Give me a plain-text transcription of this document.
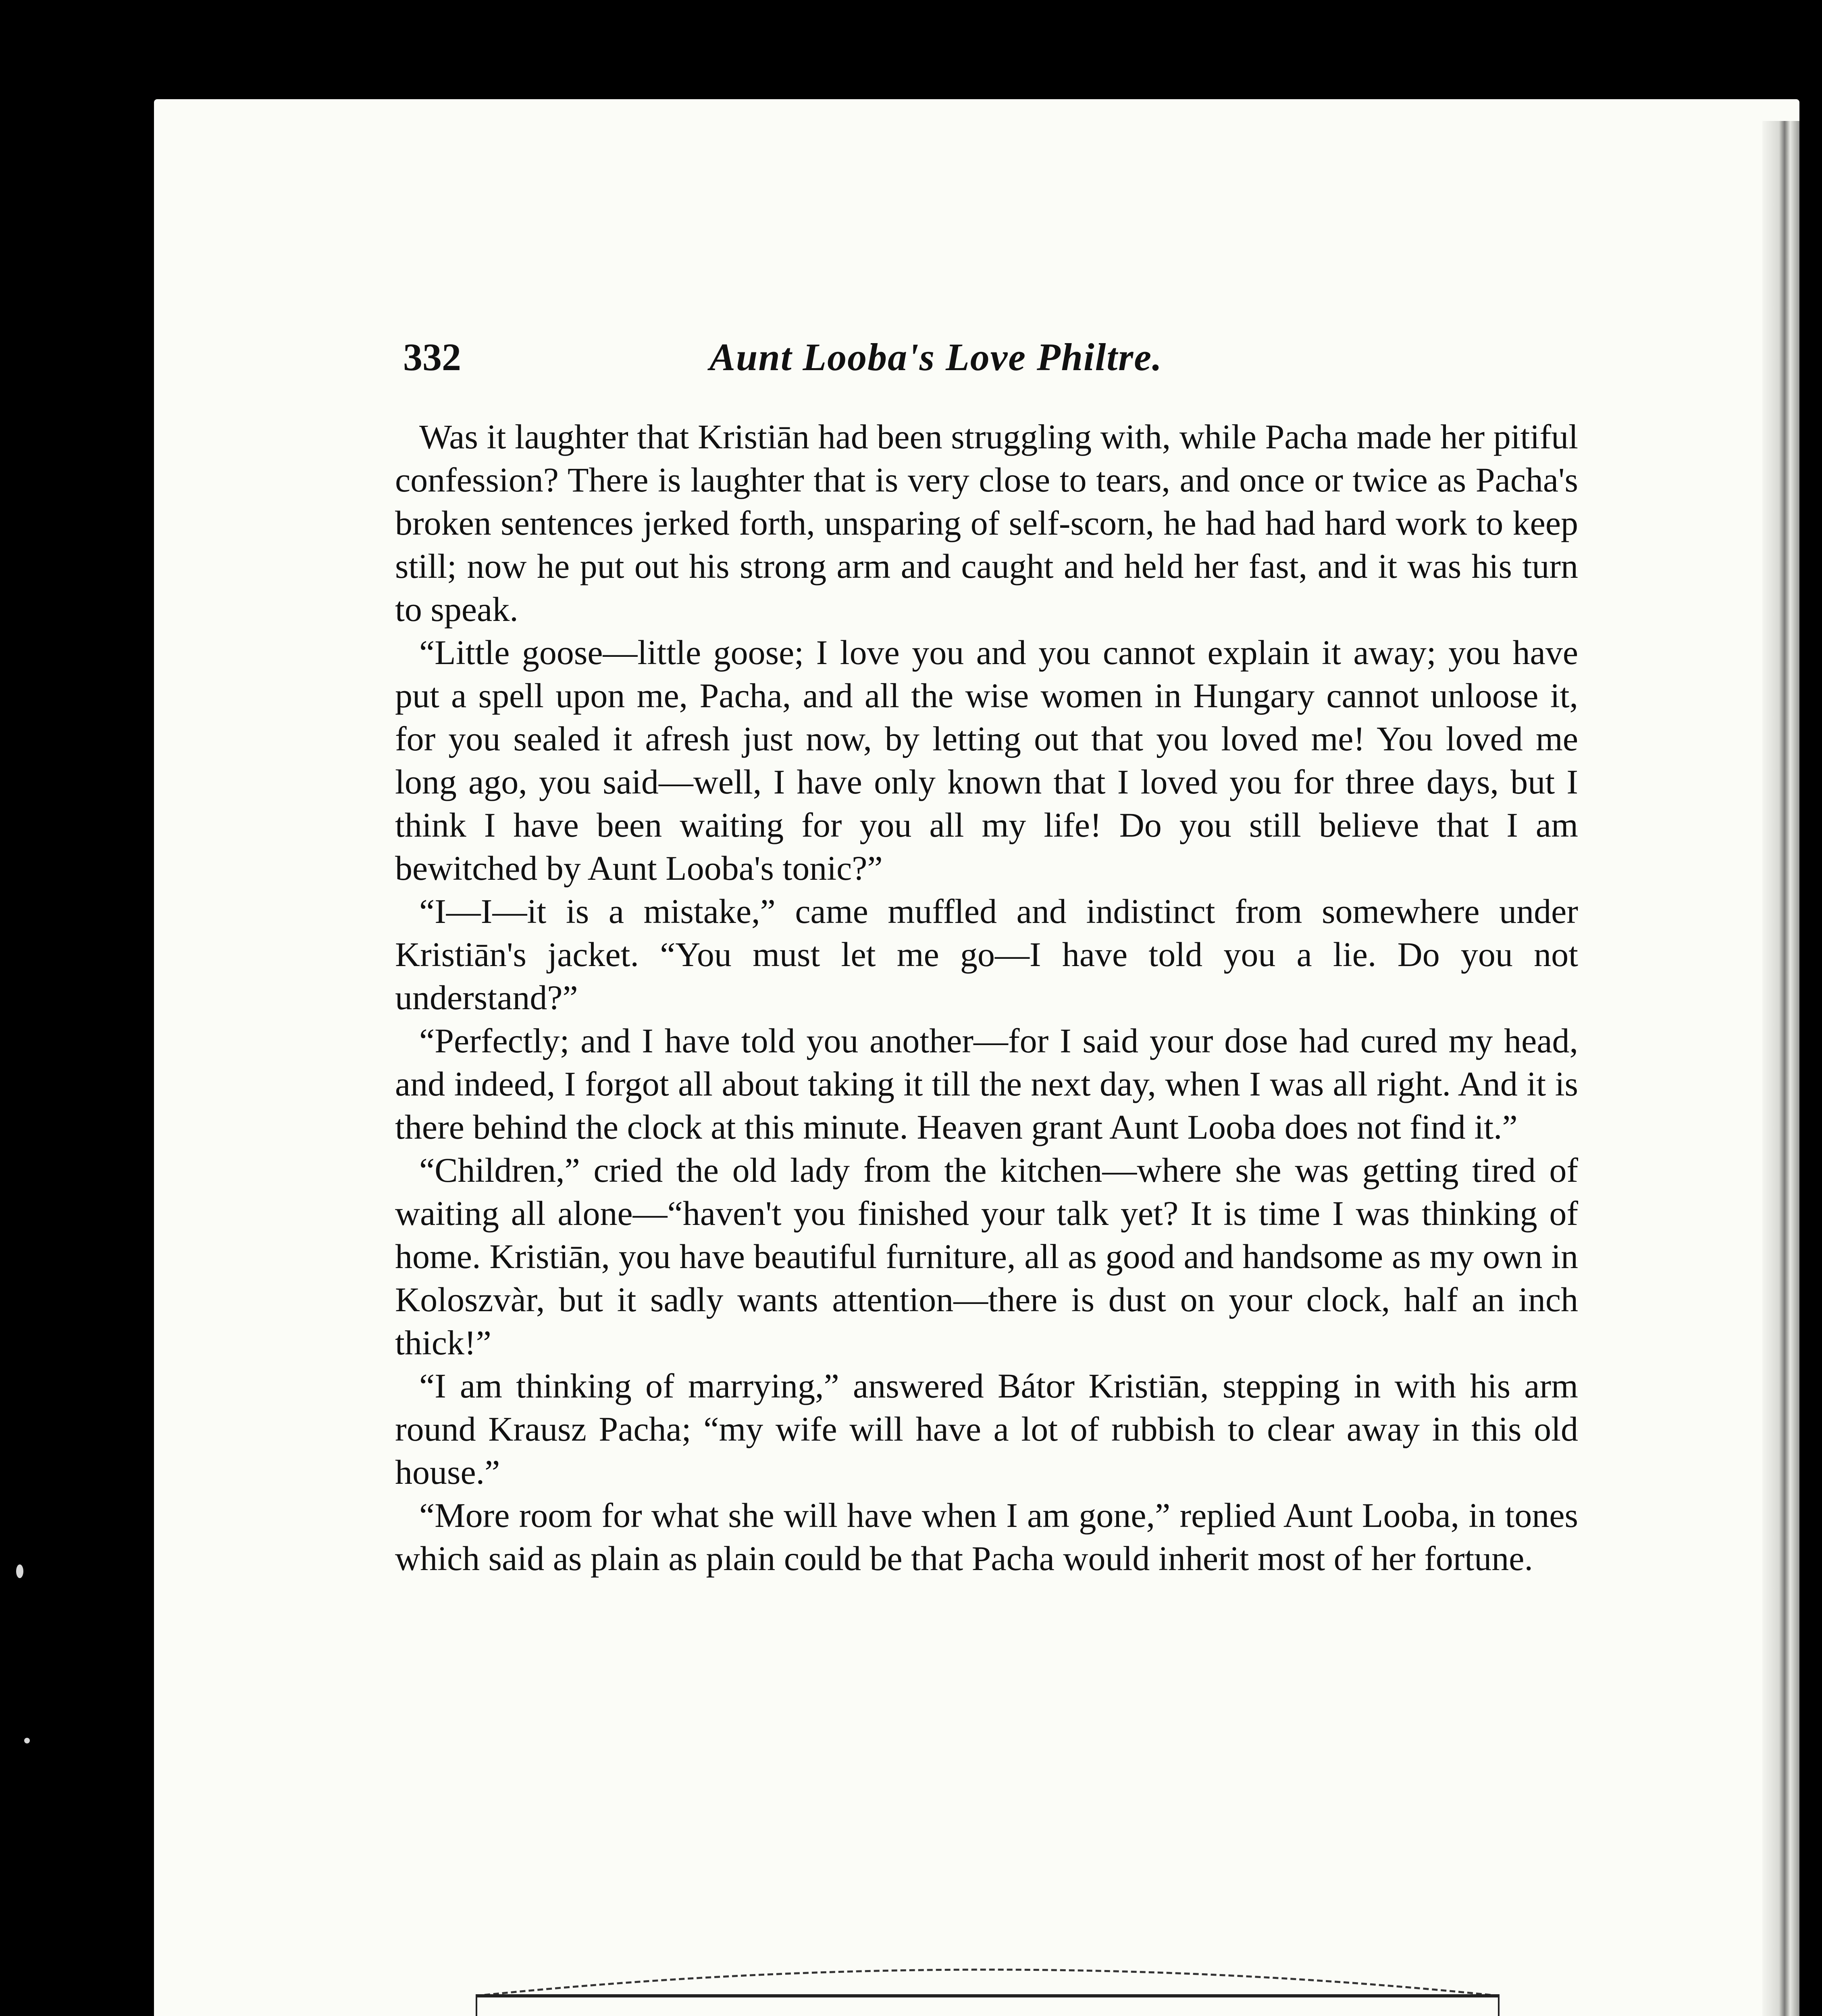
332	Aunt Looba's Love Philtre.

Was it laughter that Kristiān had been struggling with, while Pacha made her pitiful confession? There is laughter that is very close to tears, and once or twice as Pacha's broken sentences jerked forth, unsparing of self-scorn, he had had hard work to keep still; now he put out his strong arm and caught and held her fast, and it was his turn to speak.

“Little goose—little goose; I love you and you cannot explain it away; you have put a spell upon me, Pacha, and all the wise women in Hungary cannot unloose it, for you sealed it afresh just now, by letting out that you loved me! You loved me long ago, you said—well, I have only known that I loved you for three days, but I think I have been waiting for you all my life! Do you still believe that I am bewitched by Aunt Looba's tonic?”

“I—I—it is a mistake,” came muffled and indistinct from somewhere under Kristiān's jacket. “You must let me go—I have told you a lie. Do you not understand?”

“Perfectly; and I have told you another—for I said your dose had cured my head, and indeed, I forgot all about taking it till the next day, when I was all right. And it is there behind the clock at this minute. Heaven grant Aunt Looba does not find it.”

“Children,” cried the old lady from the kitchen—where she was getting tired of waiting all alone—“haven't you finished your talk yet? It is time I was thinking of home. Kristiān, you have beautiful furniture, all as good and handsome as my own in Koloszvàr, but it sadly wants attention—there is dust on your clock, half an inch thick!”

“I am thinking of marrying,” answered Bátor Kristiān, stepping in with his arm round Krausz Pacha; “my wife will have a lot of rubbish to clear away in this old house.”

“More room for what she will have when I am gone,” replied Aunt Looba, in tones which said as plain as plain could be that Pacha would inherit most of her fortune.
